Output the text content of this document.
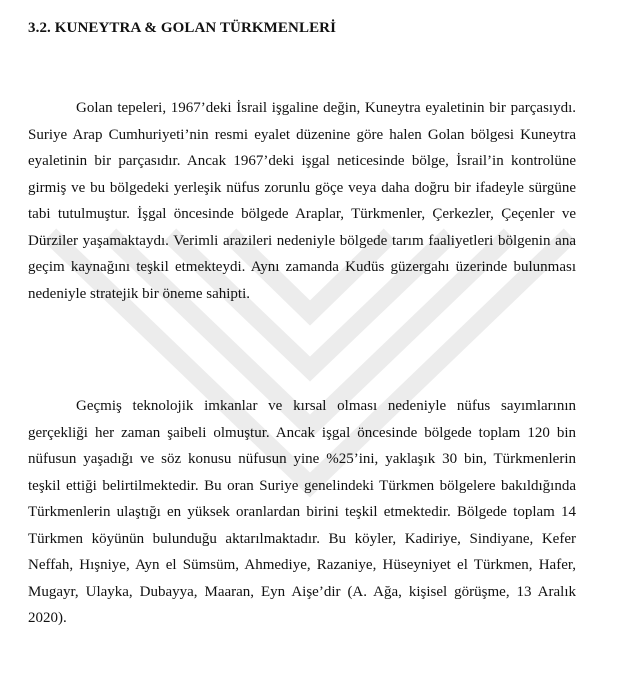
3.2. KUNEYTRA & GOLAN TÜRKMENLERİ

Golan tepeleri, 1967’deki İsrail işgaline değin, Kuneytra eyaletinin bir parçasıydı. Suriye Arap Cumhuriyeti’nin resmi eyalet düzenine göre halen Golan bölgesi Kuneytra eyaletinin bir parçasıdır. Ancak 1967’deki işgal neticesinde bölge, İsrail’in kontrolüne girmiş ve bu bölgedeki yerleşik nüfus zorunlu göçe veya daha doğru bir ifadeyle sürgüne tabi tutulmuştur. İşgal öncesinde bölgede Araplar, Türkmenler, Çerkezler, Çeçenler ve Dürziler yaşamaktaydı. Verimli arazileri nedeniyle bölgede tarım faaliyetleri bölgenin ana geçim kaynağını teşkil etmekteydi. Aynı zamanda Kudüs güzergahı üzerinde bulunması nedeniyle stratejik bir öneme sahipti.

Geçmiş teknolojik imkanlar ve kırsal olması nedeniyle nüfus sayımlarının gerçekliği her zaman şaibeli olmuştur. Ancak işgal öncesinde bölgede toplam 120 bin nüfusun yaşadığı ve söz konusu nüfusun yine %25’ini, yaklaşık 30 bin, Türkmenlerin teşkil ettiği belirtilmektedir. Bu oran Suriye genelindeki Türkmen bölgelere bakıldığında Türkmenlerin ulaştığı en yüksek oranlardan birini teşkil etmektedir. Bölgede toplam 14 Türkmen köyünün bulunduğu aktarılmaktadır. Bu köyler, Kadiriye, Sindiyane, Kefer Neffah, Hışniye, Ayn el Sümsüm, Ahmediye, Razaniye, Hüseyniyet el Türkmen, Hafer, Mugayr, Ulayka, Dubayya, Maaran, Eyn Aişe’dir (A. Ağa, kişisel görüşme, 13 Aralık 2020).
